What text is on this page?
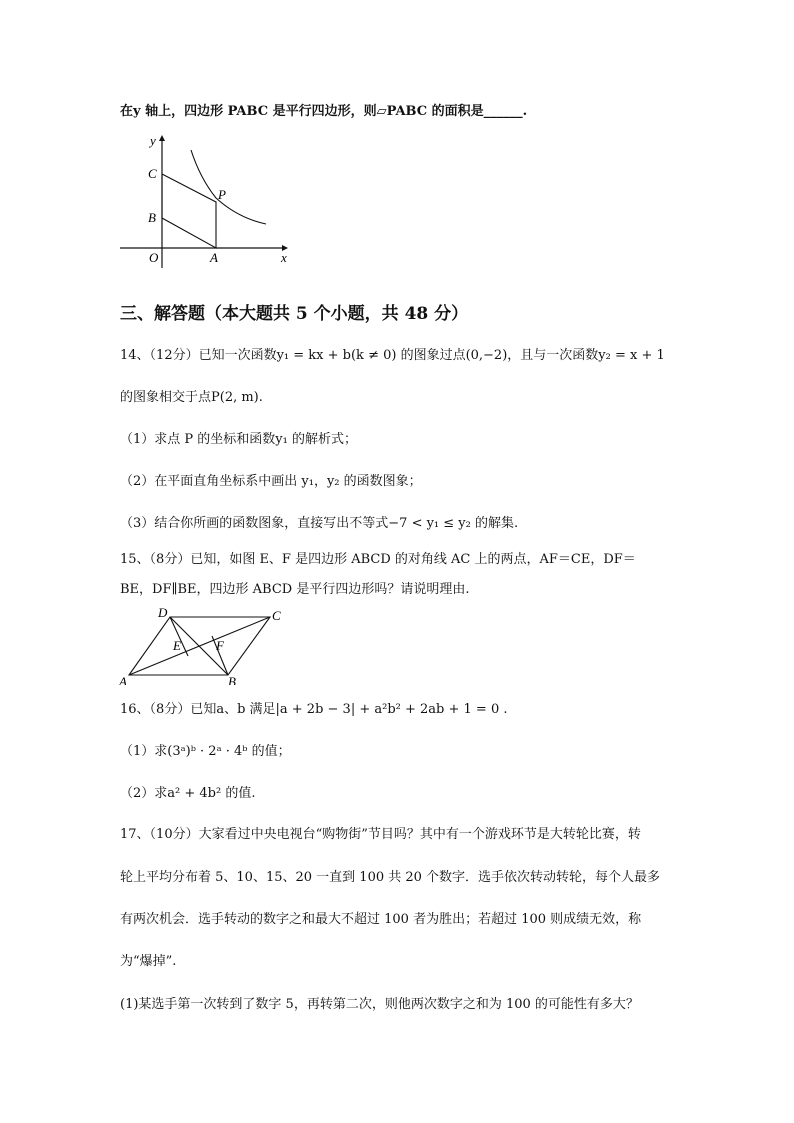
在y 轴上，四边形 PABC 是平行四边形，则▱PABC 的面积是______.
y
C
B
P
O	A	x
三、解答题（本大题共 5 个小题，共 48 分）
14、（12分）已知一次函数y₁ = kx + b(k ≠ 0) 的图象过点(0,−2)，且与一次函数y₂ = x + 1
的图象相交于点P(2, m).
（1）求点 P 的坐标和函数y₁ 的解析式；
（2）在平面直角坐标系中画出 y₁，y₂ 的函数图象；
（3）结合你所画的函数图象，直接写出不等式−7 < y₁ ≤ y₂ 的解集.
15、（8分）已知，如图 E、F 是四边形 ABCD 的对角线 AC 上的两点，AF＝CE，DF＝
BE，DF∥BE，四边形 ABCD 是平行四边形吗？请说明理由.
D	C
E	F
A	B
16、（8分）已知a、b 满足|a + 2b − 3| + a²b² + 2ab + 1 = 0 .
（1）求(3ᵃ)ᵇ · 2ᵃ · 4ᵇ 的值；
（2）求a² + 4b² 的值.
17、（10分）大家看过中央电视台“购物街”节目吗？其中有一个游戏环节是大转轮比赛，转
轮上平均分布着 5、10、15、20 一直到 100 共 20 个数字．选手依次转动转轮，每个人最多
有两次机会．选手转动的数字之和最大不超过 100 者为胜出；若超过 100 则成绩无效，称
为“爆掉”.
(1)某选手第一次转到了数字 5，再转第二次，则他两次数字之和为 100 的可能性有多大？
